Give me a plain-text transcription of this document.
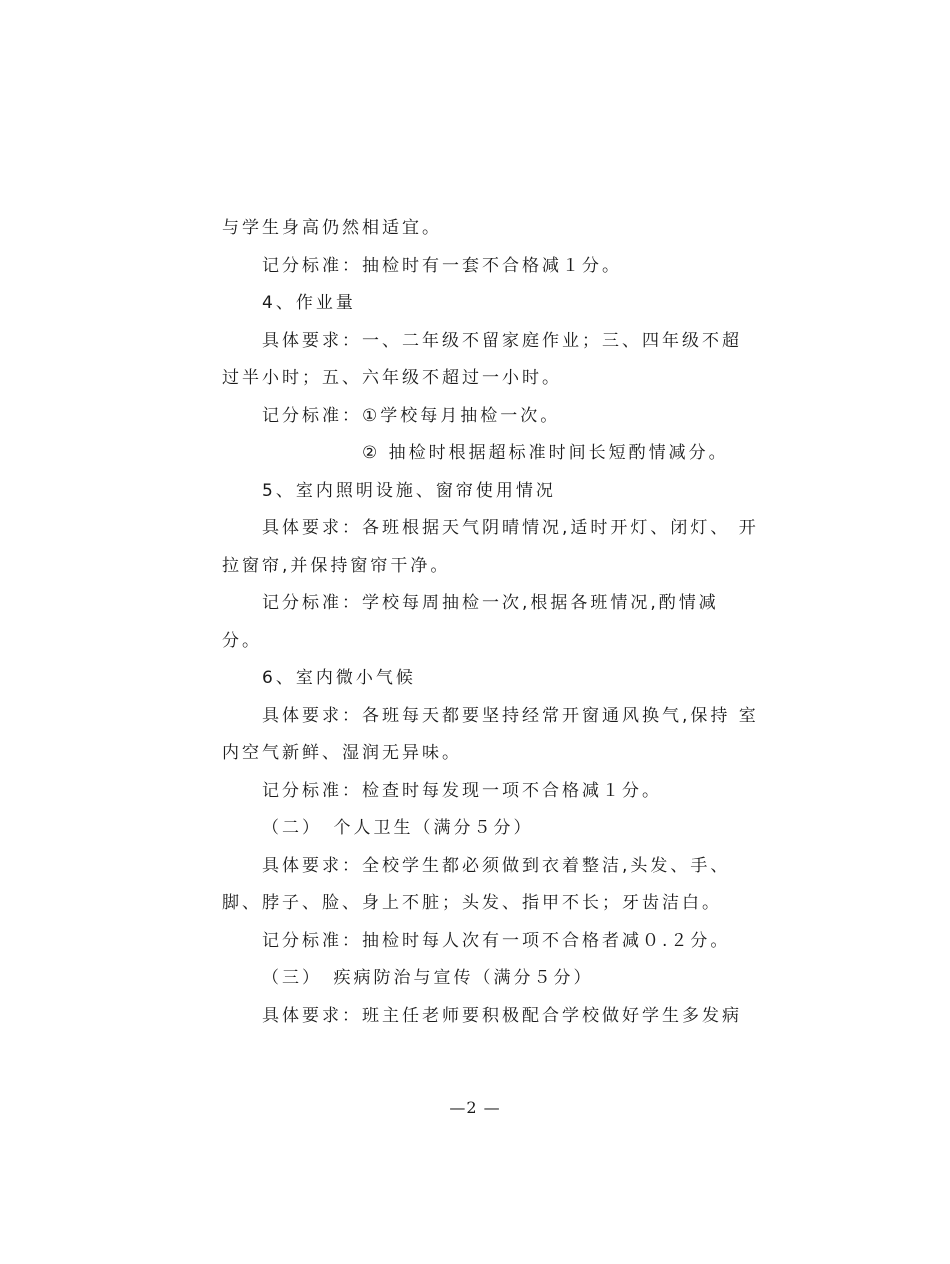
与学生身高仍然相适宜。
记分标准：抽检时有一套不合格减１分。
4、作业量
具体要求：一、二年级不留家庭作业；三、四年级不超
过半小时；五、六年级不超过一小时。
记分标准：①学校每月抽检一次。
② 抽检时根据超标准时间长短酌情减分。
5、室内照明设施、窗帘使用情况
具体要求：各班根据天气阴晴情况,适时开灯、闭灯、 开
拉窗帘,并保持窗帘干净。
记分标准：学校每周抽检一次,根据各班情况,酌情减
分。
6、室内微小气候
具体要求：各班每天都要坚持经常开窗通风换气,保持 室
内空气新鲜、湿润无异味。
记分标准：检查时每发现一项不合格减１分。
（二）　个人卫生（满分５分）
具体要求：全校学生都必须做到衣着整洁,头发、手、
脚、脖子、脸、身上不脏；头发、指甲不长；牙齿洁白。
记分标准：抽检时每人次有一项不合格者减０.２分。
（三）　疾病防治与宣传（满分５分）
具体要求：班主任老师要积极配合学校做好学生多发病
—2 —
